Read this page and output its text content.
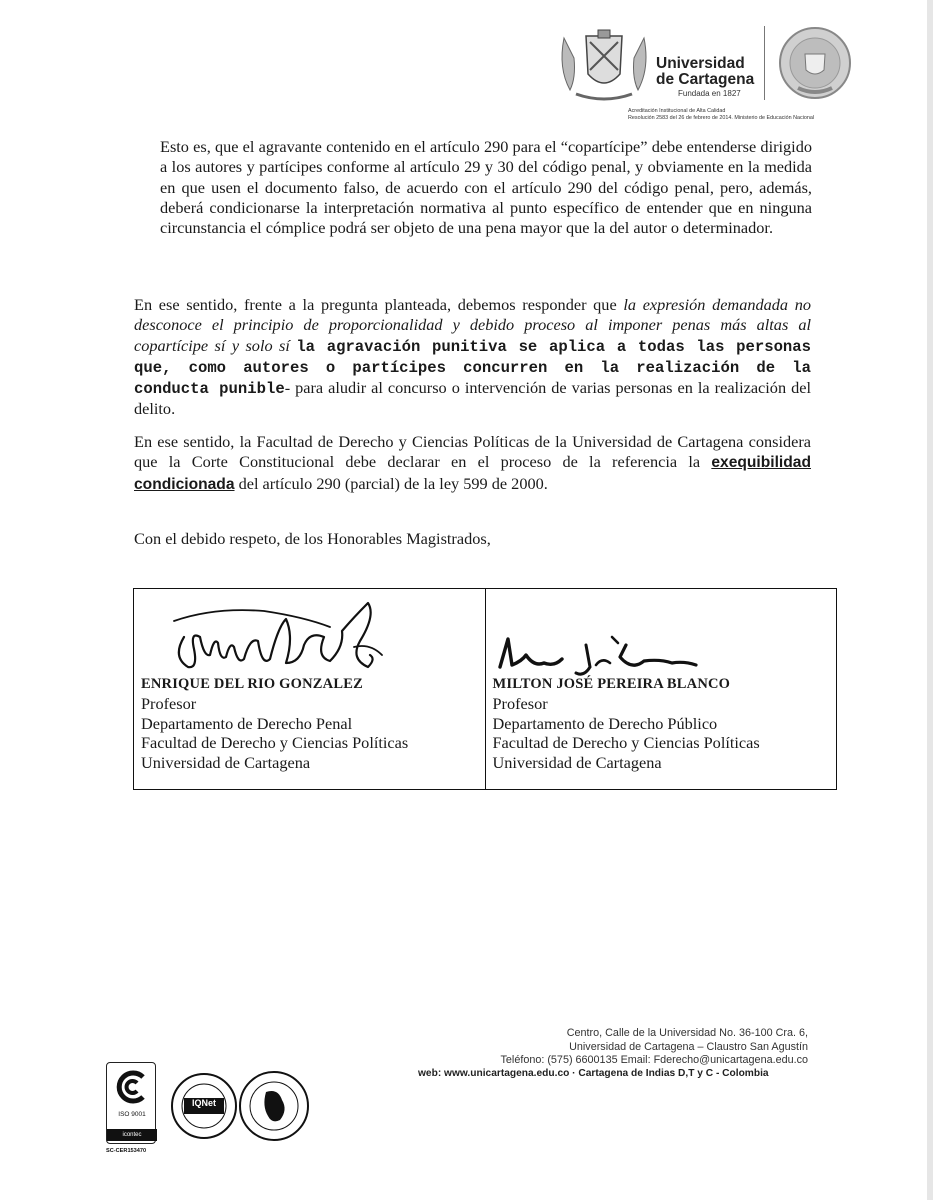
Universidad
de Cartagena
Fundada en 1827
Acreditación Institucional de Alta Calidad
Resolución 2583 del 26 de febrero de 2014. Ministerio de Educación Nacional

Esto es, que el agravante contenido en el artículo 290 para el “copartícipe” debe entenderse dirigido a los autores y partícipes conforme al artículo 29 y 30 del código penal, y obviamente en la medida en que usen el documento falso, de acuerdo con el artículo 290 del código penal, pero, además, deberá condicionarse la interpretación normativa al punto específico de entender que en ninguna circunstancia el cómplice podrá ser objeto de una pena mayor que la del autor o determinador.

En ese sentido, frente a la pregunta planteada, debemos responder que la expresión demandada no desconoce el principio de proporcionalidad y debido proceso al imponer penas más altas al copartícipe sí y solo sí la agravación punitiva se aplica a todas las personas que, como autores o partícipes concurren en la realización de la conducta punible- para aludir al concurso o intervención de varias personas en la realización del delito.

En ese sentido, la Facultad de Derecho y Ciencias Políticas de la Universidad de Cartagena considera que la Corte Constitucional debe declarar en el proceso de la referencia la exequibilidad condicionada del artículo 290 (parcial) de la ley 599 de 2000.

Con el debido respeto, de los Honorables Magistrados,

ENRIQUE DEL RIO GONZALEZ
Profesor
Departamento de Derecho Penal
Facultad de Derecho y Ciencias Políticas
Universidad de Cartagena
MILTON JOSÉ PEREIRA BLANCO
Profesor
Departamento de Derecho Público
Facultad de Derecho y Ciencias Políticas
Universidad de Cartagena
Centro, Calle de la Universidad No. 36-100 Cra. 6,
Universidad de Cartagena – Claustro San Agustín
Teléfono: (575) 6600135 Email: Fderecho@unicartagena.edu.co
web: www.unicartagena.edu.co · Cartagena de Indias D,T y C - Colombia
ISO 9001
icontec
SC-CER153470
IQNet
